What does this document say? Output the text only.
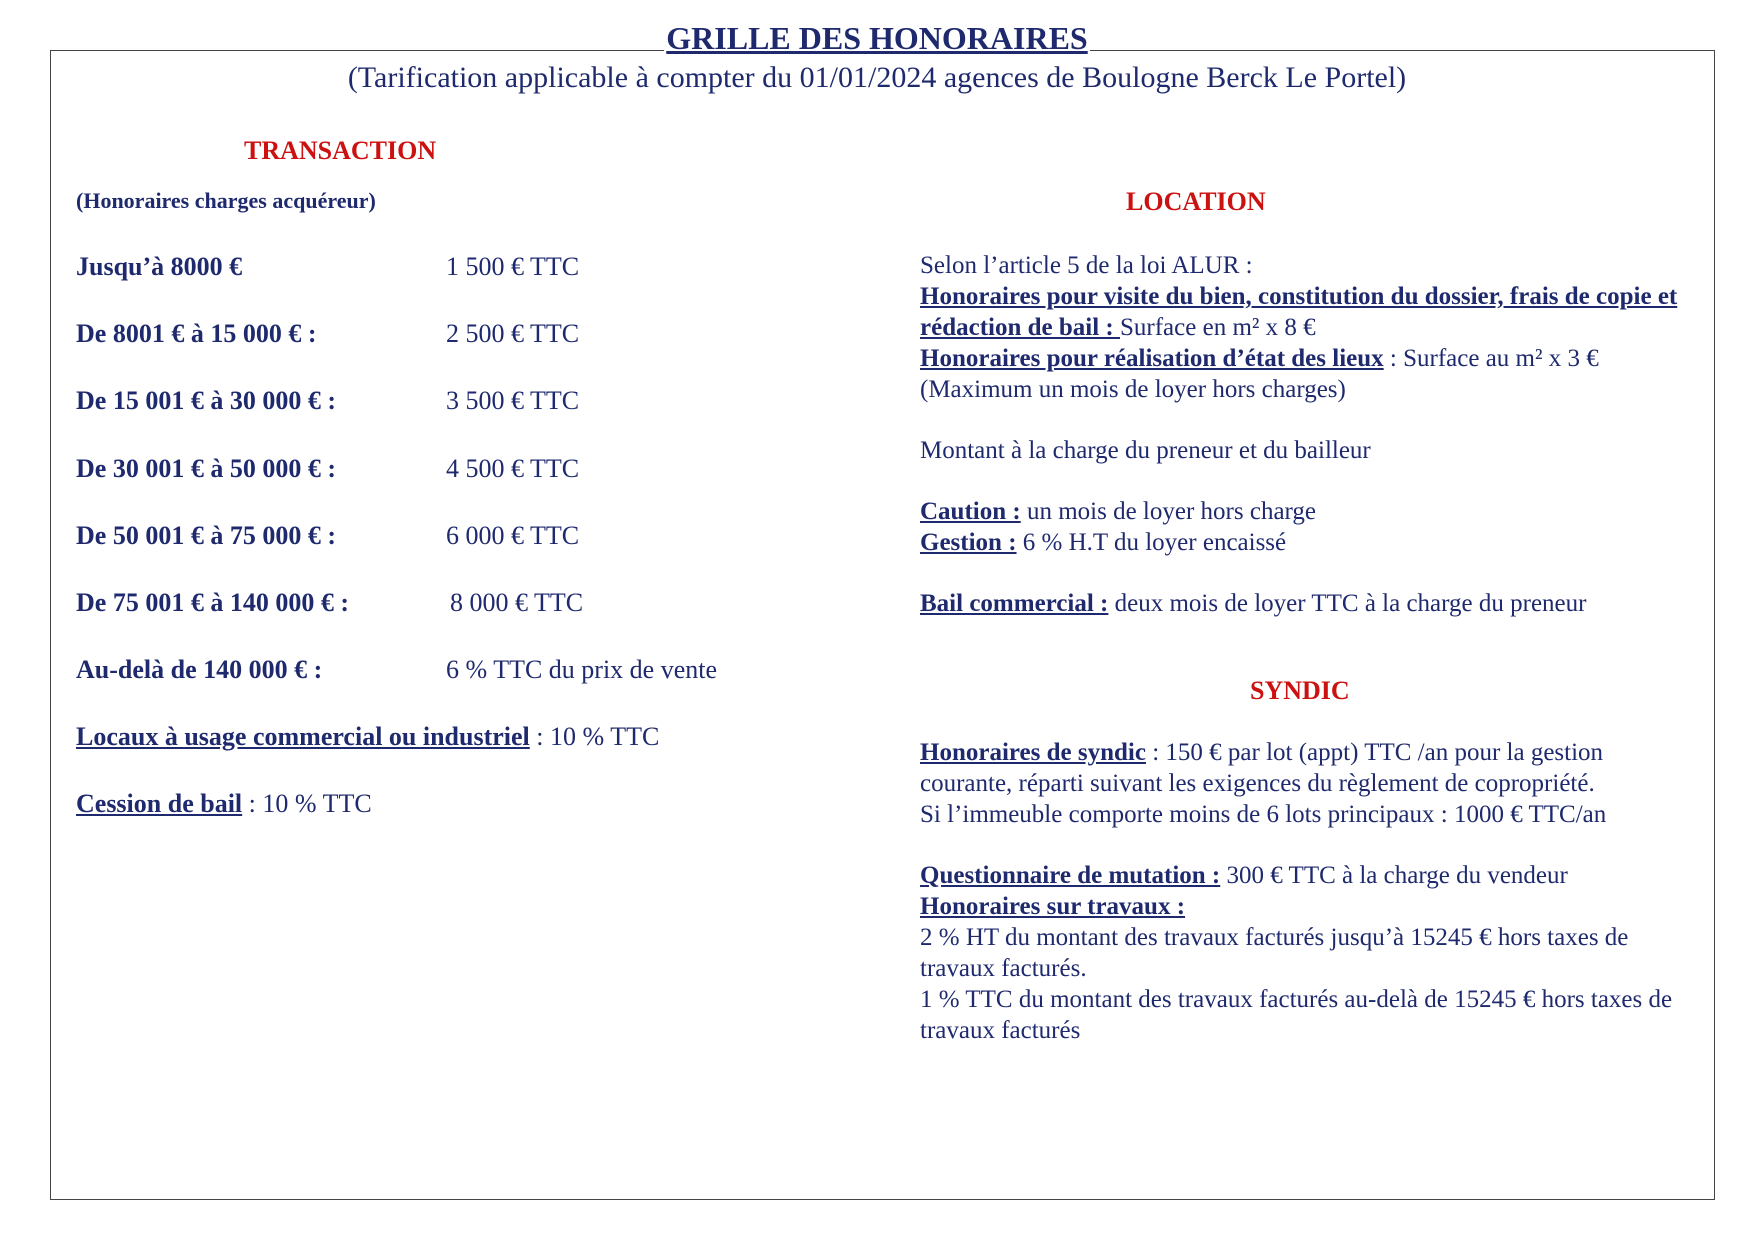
GRILLE DES HONORAIRES
(Tarification applicable à compter du 01/01/2024 agences de Boulogne Berck Le Portel)
TRANSACTION
(Honoraires charges acquéreur)
Jusqu’à 8000 €	1 500 € TTC
De 8001 € à 15 000 € :	2 500 € TTC
De 15 001 € à 30 000 € :	3 500 € TTC
De 30 001 € à 50 000 € :	4 500 € TTC
De 50 001 € à 75 000 € :	6 000 € TTC
De 75 001 € à 140 000 € :	8 000 € TTC
Au-delà de 140 000 € :	6 % TTC du prix de vente
Locaux à usage commercial ou industriel : 10 % TTC
Cession de bail : 10 % TTC
LOCATION

Selon l’article 5 de la loi ALUR :

Honoraires pour visite du bien, constitution du dossier, frais de copie et rédaction de bail : Surface en m² x 8 €

Honoraires pour réalisation d’état des lieux : Surface au m² x 3 €

(Maximum un mois de loyer hors charges)

Montant à la charge du preneur et du bailleur

Caution : un mois de loyer hors charge

Gestion : 6 % H.T du loyer encaissé

Bail commercial : deux mois de loyer TTC à la charge du preneur

SYNDIC

Honoraires de syndic : 150 € par lot (appt) TTC /an pour la gestion courante, réparti suivant les exigences du règlement de copropriété.

Si l’immeuble comporte moins de 6 lots principaux : 1000 € TTC/an

Questionnaire de mutation : 300 € TTC à la charge du vendeur

Honoraires sur travaux :

2 % HT du montant des travaux facturés jusqu’à 15245 € hors taxes de travaux facturés.

1 % TTC du montant des travaux facturés au-delà de 15245 € hors taxes de travaux facturés
